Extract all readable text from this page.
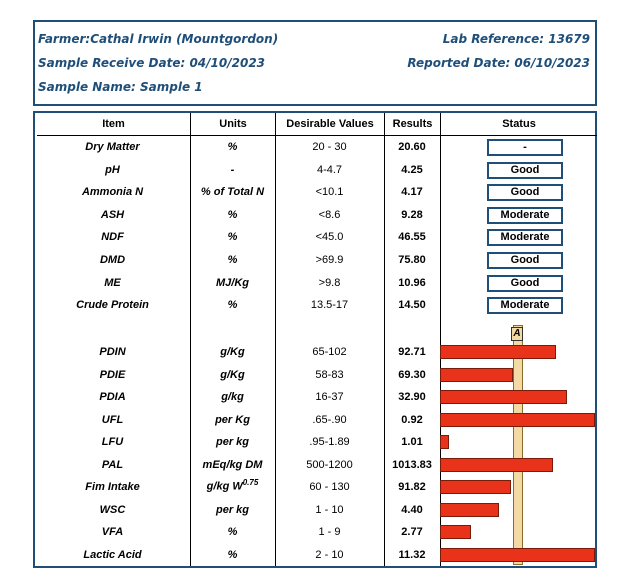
Farmer:Cathal Irwin (Mountgordon)	Lab Reference: 13679
Sample Receive Date: 04/10/2023	Reported Date: 06/10/2023
Sample Name: Sample 1
Item	Units	Desirable Values	Results	Status
Dry Matter	%	20 - 30	20.60	-
pH	-	4-4.7	4.25	Good
Ammonia N	% of Total N	<10.1	4.17	Good
ASH	%	<8.6	9.28	Moderate
NDF	%	<45.0	46.55	Moderate
DMD	%	>69.9	75.80	Good
ME	MJ/Kg	>9.8	10.96	Good
Crude Protein	%	13.5-17	14.50	Moderate
PDIN	g/Kg	65-102	92.71
PDIE	g/Kg	58-83	69.30
PDIA	g/kg	16-37	32.90
UFL	per Kg	.65-.90	0.92
LFU	per kg	.95-1.89	1.01
PAL	mEq/kg DM	500-1200	1013.83
Fim Intake	g/kg $W^{0.75}$	60 - 130	91.82
WSC	per kg	1 - 10	4.40
VFA	%	1 - 9	2.77
Lactic Acid	%	2 - 10	11.32
A
